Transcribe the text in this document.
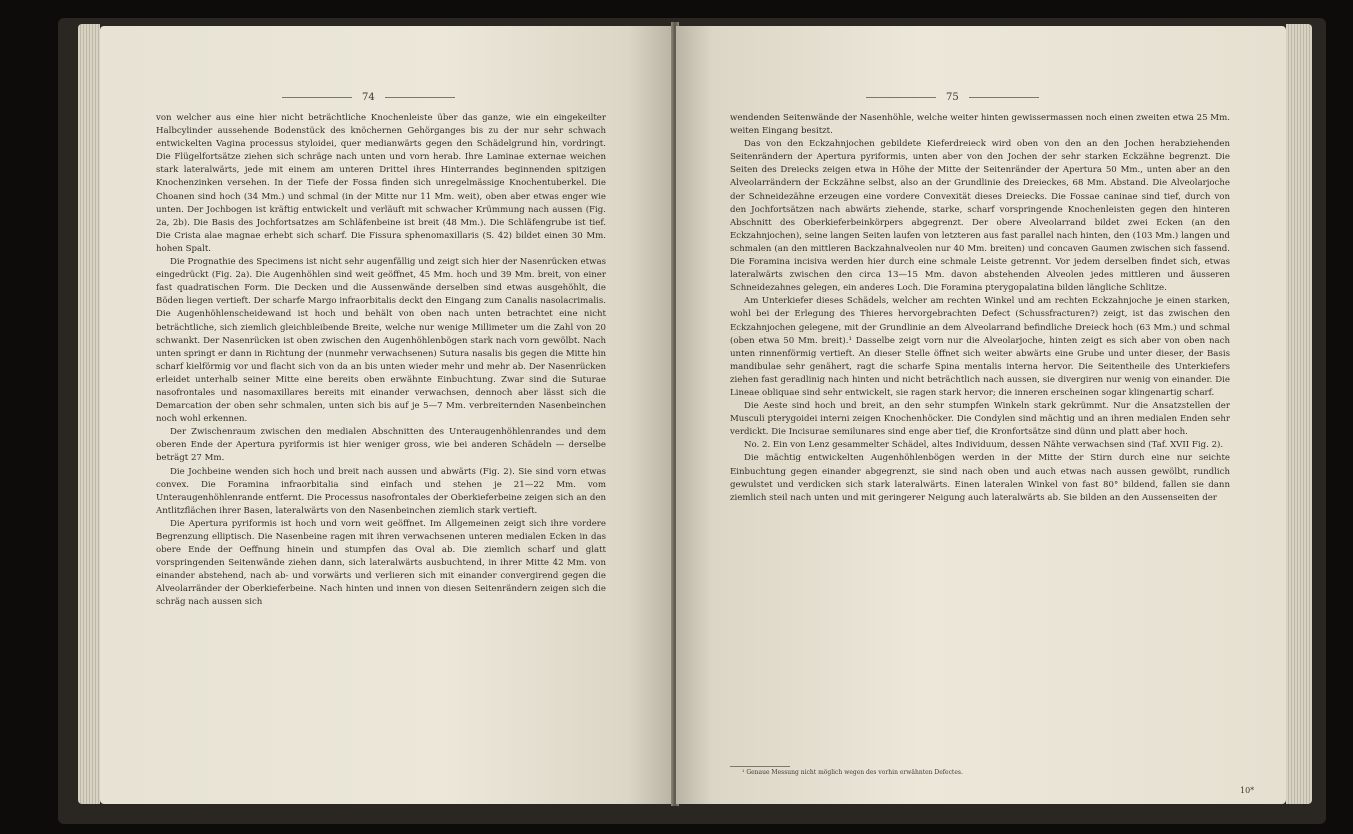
74

von welcher aus eine hier nicht beträchtliche Knochenleiste über das ganze, wie ein eingekeilter Halbcylinder aussehende Bodenstück des knöchernen Gehörganges bis zu der nur sehr schwach entwickelten Vagina processus styloidei, quer medianwärts gegen den Schädelgrund hin, vordringt. Die Flügelfortsätze ziehen sich schräge nach unten und vorn herab. Ihre Laminae externae weichen stark lateralwärts, jede mit einem am unteren Drittel ihres Hinterrandes beginnenden spitzigen Knochenzinken versehen. In der Tiefe der Fossa finden sich unregelmässige Knochentuberkel. Die Choanen sind hoch (34 Mm.) und schmal (in der Mitte nur 11 Mm. weit), oben aber etwas enger wie unten. Der Jochbogen ist kräftig entwickelt und verläuft mit schwacher Krümmung nach aussen (Fig. 2a, 2b). Die Basis des Jochfortsatzes am Schläfenbeine ist breit (48 Mm.). Die Schläfengrube ist tief. Die Crista alae magnae erhebt sich scharf. Die Fissura sphenomaxillaris (S. 42) bildet einen 30 Mm. hohen Spalt.

Die Prognathie des Specimens ist nicht sehr augenfällig und zeigt sich hier der Nasenrücken etwas eingedrückt (Fig. 2a). Die Augenhöhlen sind weit geöffnet, 45 Mm. hoch und 39 Mm. breit, von einer fast quadratischen Form. Die Decken und die Aussenwände derselben sind etwas ausgehöhlt, die Böden liegen vertieft. Der scharfe Margo infraorbitalis deckt den Eingang zum Canalis nasolacrimalis. Die Augenhöhlenscheidewand ist hoch und behält von oben nach unten betrachtet eine nicht beträchtliche, sich ziemlich gleichbleibende Breite, welche nur wenige Millimeter um die Zahl von 20 schwankt. Der Nasenrücken ist oben zwischen den Augenhöhlenbögen stark nach vorn gewölbt. Nach unten springt er dann in Richtung der (nunmehr verwachsenen) Sutura nasalis bis gegen die Mitte hin scharf kielförmig vor und flacht sich von da an bis unten wieder mehr und mehr ab. Der Nasenrücken erleidet unterhalb seiner Mitte eine bereits oben erwähnte Einbuchtung. Zwar sind die Suturae nasofrontales und nasomaxillares bereits mit einander verwachsen, dennoch aber lässt sich die Demarcation der oben sehr schmalen, unten sich bis auf je 5—7 Mm. verbreiternden Nasenbeinchen noch wohl erkennen.

Der Zwischenraum zwischen den medialen Abschnitten des Unteraugenhöhlenrandes und dem oberen Ende der Apertura pyriformis ist hier weniger gross, wie bei anderen Schädeln — derselbe beträgt 27 Mm.

Die Jochbeine wenden sich hoch und breit nach aussen und abwärts (Fig. 2). Sie sind vorn etwas convex. Die Foramina infraorbitalia sind einfach und stehen je 21—22 Mm. vom Unteraugenhöhlenrande entfernt. Die Processus nasofrontales der Oberkieferbeine zeigen sich an den Antlitzflächen ihrer Basen, lateralwärts von den Nasenbeinchen ziemlich stark vertieft.

Die Apertura pyriformis ist hoch und vorn weit geöffnet. Im Allgemeinen zeigt sich ihre vordere Begrenzung elliptisch. Die Nasenbeine ragen mit ihren verwachsenen unteren medialen Ecken in das obere Ende der Oeffnung hinein und stumpfen das Oval ab. Die ziemlich scharf und glatt vorspringenden Seitenwände ziehen dann, sich lateralwärts ausbuchtend, in ihrer Mitte 42 Mm. von einander abstehend, nach ab- und vorwärts und verlieren sich mit einander convergirend gegen die Alveolarränder der Oberkieferbeine. Nach hinten und innen von diesen Seitenrändern zeigen sich die schräg nach aussen sich

75

wendenden Seitenwände der Nasenhöhle, welche weiter hinten gewissermassen noch einen zweiten etwa 25 Mm. weiten Eingang besitzt.

Das von den Eckzahnjochen gebildete Kieferdreieck wird oben von den an den Jochen herabziehenden Seitenrändern der Apertura pyriformis, unten aber von den Jochen der sehr starken Eckzähne begrenzt. Die Seiten des Dreiecks zeigen etwa in Höhe der Mitte der Seitenränder der Apertura 50 Mm., unten aber an den Alveolarrändern der Eckzähne selbst, also an der Grundlinie des Dreieckes, 68 Mm. Abstand. Die Alveolarjoche der Schneidezähne erzeugen eine vordere Convexität dieses Dreiecks. Die Fossae caninae sind tief, durch von den Jochfortsätzen nach abwärts ziehende, starke, scharf vorspringende Knochenleisten gegen den hinteren Abschnitt des Oberkieferbeinkörpers abgegrenzt. Der obere Alveolarrand bildet zwei Ecken (an den Eckzahnjochen), seine langen Seiten laufen von letzteren aus fast parallel nach hinten, den (103 Mm.) langen und schmalen (an den mittleren Backzahnalveolen nur 40 Mm. breiten) und concaven Gaumen zwischen sich fassend. Die Foramina incisiva werden hier durch eine schmale Leiste getrennt. Vor jedem derselben findet sich, etwas lateralwärts zwischen den circa 13—15 Mm. davon abstehenden Alveolen jedes mittleren und äusseren Schneidezahnes gelegen, ein anderes Loch. Die Foramina pterygopalatina bilden längliche Schlitze.

Am Unterkiefer dieses Schädels, welcher am rechten Winkel und am rechten Eckzahnjoche je einen starken, wohl bei der Erlegung des Thieres hervorgebrachten Defect (Schussfracturen?) zeigt, ist das zwischen den Eckzahnjochen gelegene, mit der Grundlinie an dem Alveolarrand befindliche Dreieck hoch (63 Mm.) und schmal (oben etwa 50 Mm. breit).¹ Dasselbe zeigt vorn nur die Alveolarjoche, hinten zeigt es sich aber von oben nach unten rinnenförmig vertieft. An dieser Stelle öffnet sich weiter abwärts eine Grube und unter dieser, der Basis mandibulae sehr genähert, ragt die scharfe Spina mentalis interna hervor. Die Seitentheile des Unterkiefers ziehen fast geradlinig nach hinten und nicht beträchtlich nach aussen, sie divergiren nur wenig von einander. Die Lineae obliquae sind sehr entwickelt, sie ragen stark hervor; die inneren erscheinen sogar klingenartig scharf.

Die Aeste sind hoch und breit, an den sehr stumpfen Winkeln stark gekrümmt. Nur die Ansatzstellen der Musculi pterygoidei interni zeigen Knochenhöcker. Die Condylen sind mächtig und an ihren medialen Enden sehr verdickt. Die Incisurae semilunares sind enge aber tief, die Kronfortsätze sind dünn und platt aber hoch.

No. 2. Ein von Lenz gesammelter Schädel, altes Individuum, dessen Nähte verwachsen sind (Taf. XVII Fig. 2).

Die mächtig entwickelten Augenhöhlenbögen werden in der Mitte der Stirn durch eine nur seichte Einbuchtung gegen einander abgegrenzt, sie sind nach oben und auch etwas nach aussen gewölbt, rundlich gewulstet und verdicken sich stark lateralwärts. Einen lateralen Winkel von fast 80° bildend, fallen sie dann ziemlich steil nach unten und mit geringerer Neigung auch lateralwärts ab. Sie bilden an den Aussenseiten der

¹ Genaue Messung nicht möglich wegen des vorhin erwähnten Defectes.
10*
